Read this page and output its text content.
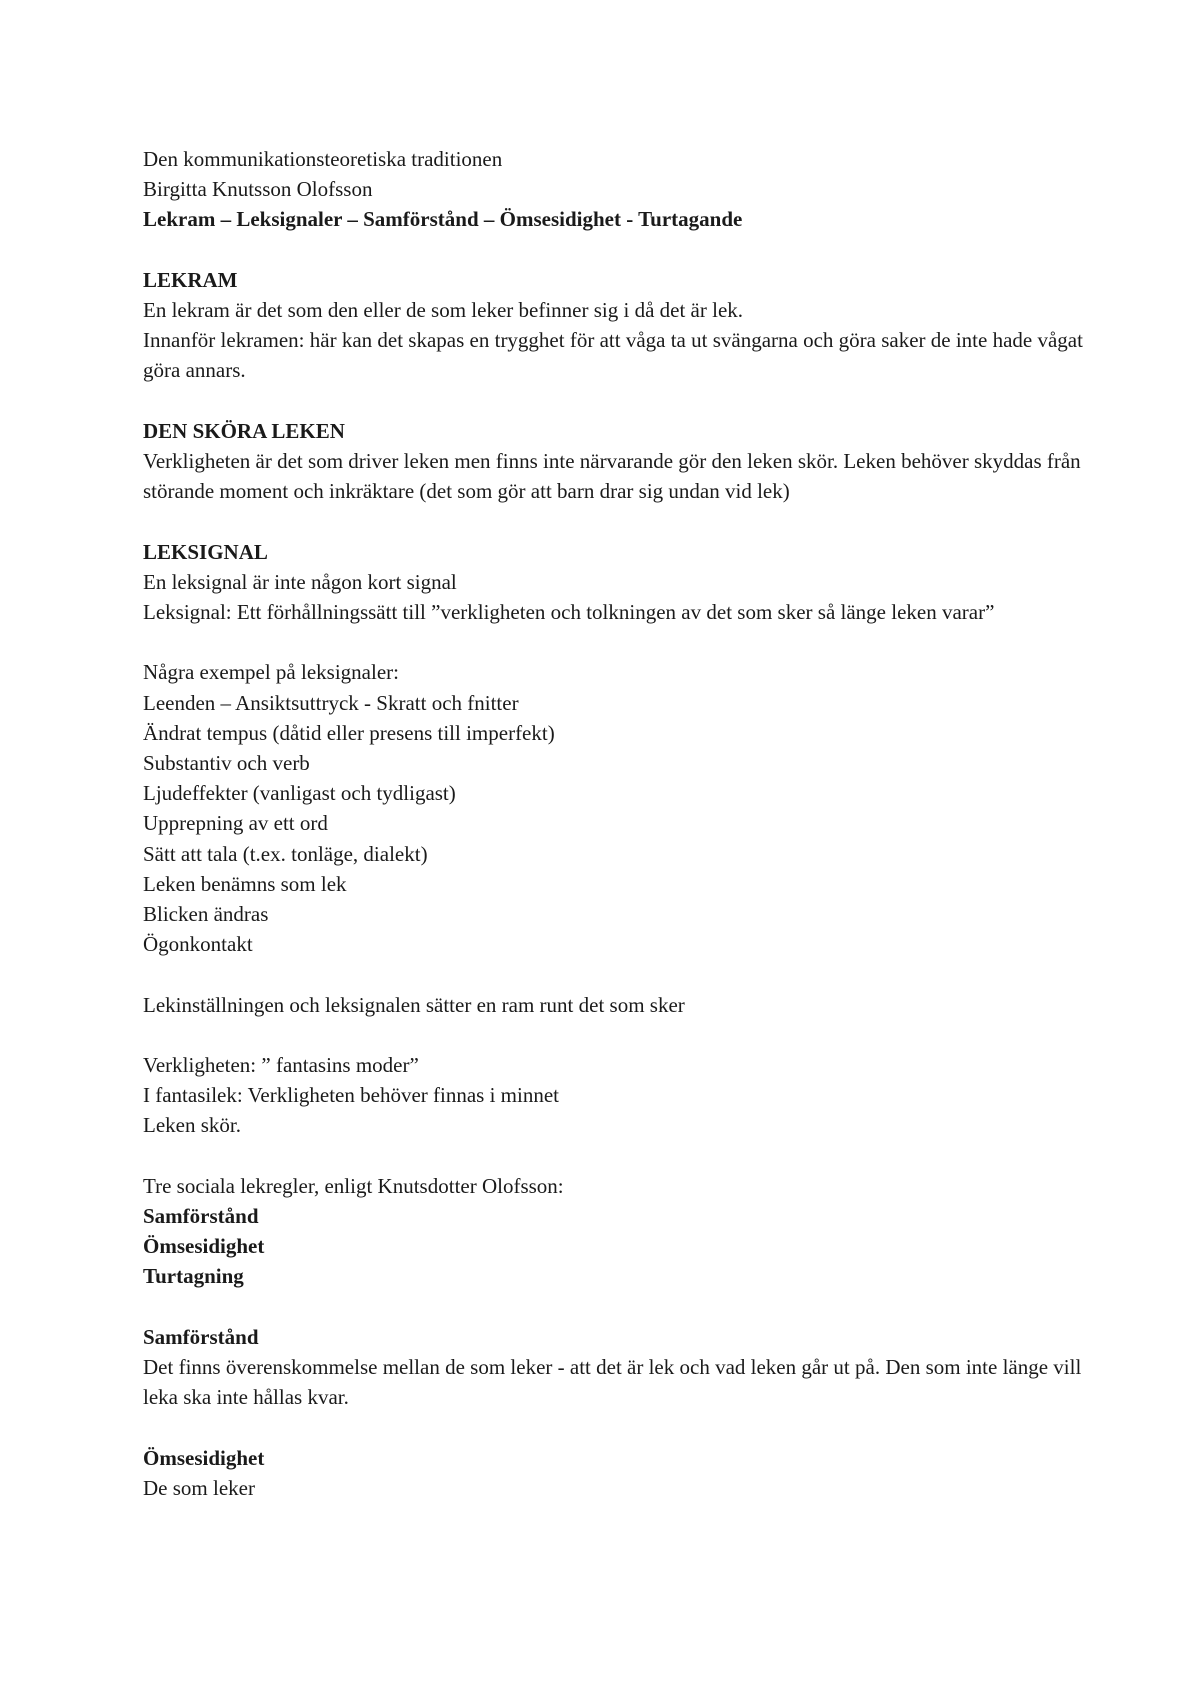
Den kommunikationsteoretiska traditionen
Birgitta Knutsson Olofsson
Lekram – Leksignaler – Samförstånd – Ömsesidighet - Turtagande
LEKRAM
En lekram är det som den eller de som leker befinner sig i då det är lek.

Innanför lekramen: här kan det skapas en trygghet för att våga ta ut svängarna och göra saker de inte hade vågat göra annars.

DEN SKÖRA LEKEN

Verkligheten är det som driver leken men finns inte närvarande gör den leken skör. Leken behöver skyddas från störande moment och inkräktare (det som gör att barn drar sig undan vid lek)

LEKSIGNAL
En leksignal är inte någon kort signal

Leksignal: Ett förhållningssätt till ”verkligheten och tolkningen av det som sker så länge leken varar”

Några exempel på leksignaler:
Leenden – Ansiktsuttryck - Skratt och fnitter
Ändrat tempus (dåtid eller presens till imperfekt)
Substantiv och verb
Ljudeffekter (vanligast och tydligast)
Upprepning av ett ord
Sätt att tala (t.ex. tonläge, dialekt)
Leken benämns som lek
Blicken ändras
Ögonkontakt
Lekinställningen och leksignalen sätter en ram runt det som sker
Verkligheten: ” fantasins moder”
I fantasilek: Verkligheten behöver finnas i minnet
Leken skör.
Tre sociala lekregler, enligt Knutsdotter Olofsson:
Samförstånd
Ömsesidighet
Turtagning
Samförstånd

Det finns överenskommelse mellan de som leker - att det är lek och vad leken går ut på. Den som inte länge vill leka ska inte hållas kvar.

Ömsesidighet
De som leker
